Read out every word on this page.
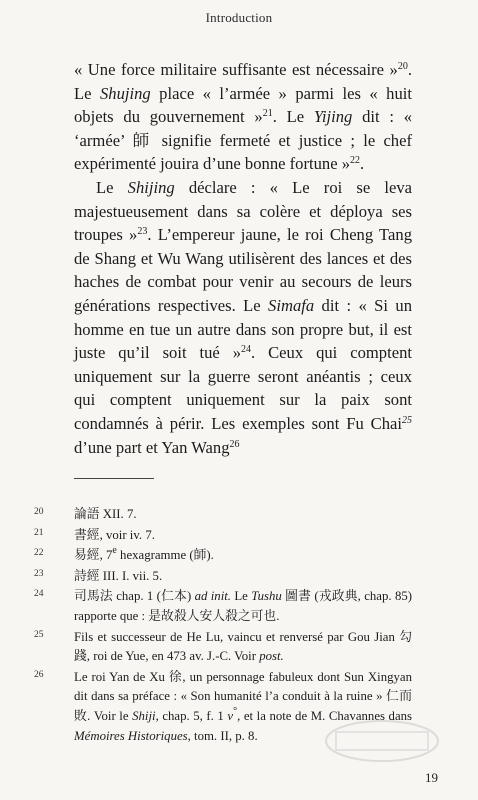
Introduction

« Une force militaire suffisante est nécessaire »$^{20}$. Le Shujing place « l’armée » parmi les « huit objets du gouvernement »$^{21}$. Le Yijing dit : « ‘armée’ 師 signifie fermeté et justice ; le chef expérimenté jouira d’une bonne fortune »$^{22}$.

Le Shijing déclare : « Le roi se leva majestueusement dans sa colère et déploya ses troupes »$^{23}$. L’empereur jaune, le roi Cheng Tang de Shang et Wu Wang utilisèrent des lances et des haches de combat pour venir au secours de leurs générations respectives. Le Simafa dit : « Si un homme en tue un autre dans son propre but, il est juste qu’il soit tué »$^{24}$. Ceux qui comptent uniquement sur la guerre seront anéantis ; ceux qui comptent uniquement sur la paix sont condamnés à périr. Les exemples sont Fu Chai$^{25}$ d’une part et Yan Wang$^{26}$

20 論語 XII. 7.

21 書經, voir iv. 7.

22 易經, 7e hexagramme (師).

23 詩經 III. I. vii. 5.

24 司馬法 chap. 1 (仁本) ad init. Le Tushu 圖書 (戎政典, chap. 85) rapporte que : 是故殺人安人殺之可也.

25 Fils et successeur de He Lu, vaincu et renversé par Gou Jian 勾踐, roi de Yue, en 473 av. J.-C. Voir post.

26 Le roi Yan de Xu 徐, un personnage fabuleux dont Sun Xingyan dit dans sa préface : « Son humanité l’a conduit à la ruine » 仁而敗. Voir le Shiji, chap. 5, f. 1 v°, et la note de M. Chavannes dans Mémoires Historiques, tom. II, p. 8.

19
